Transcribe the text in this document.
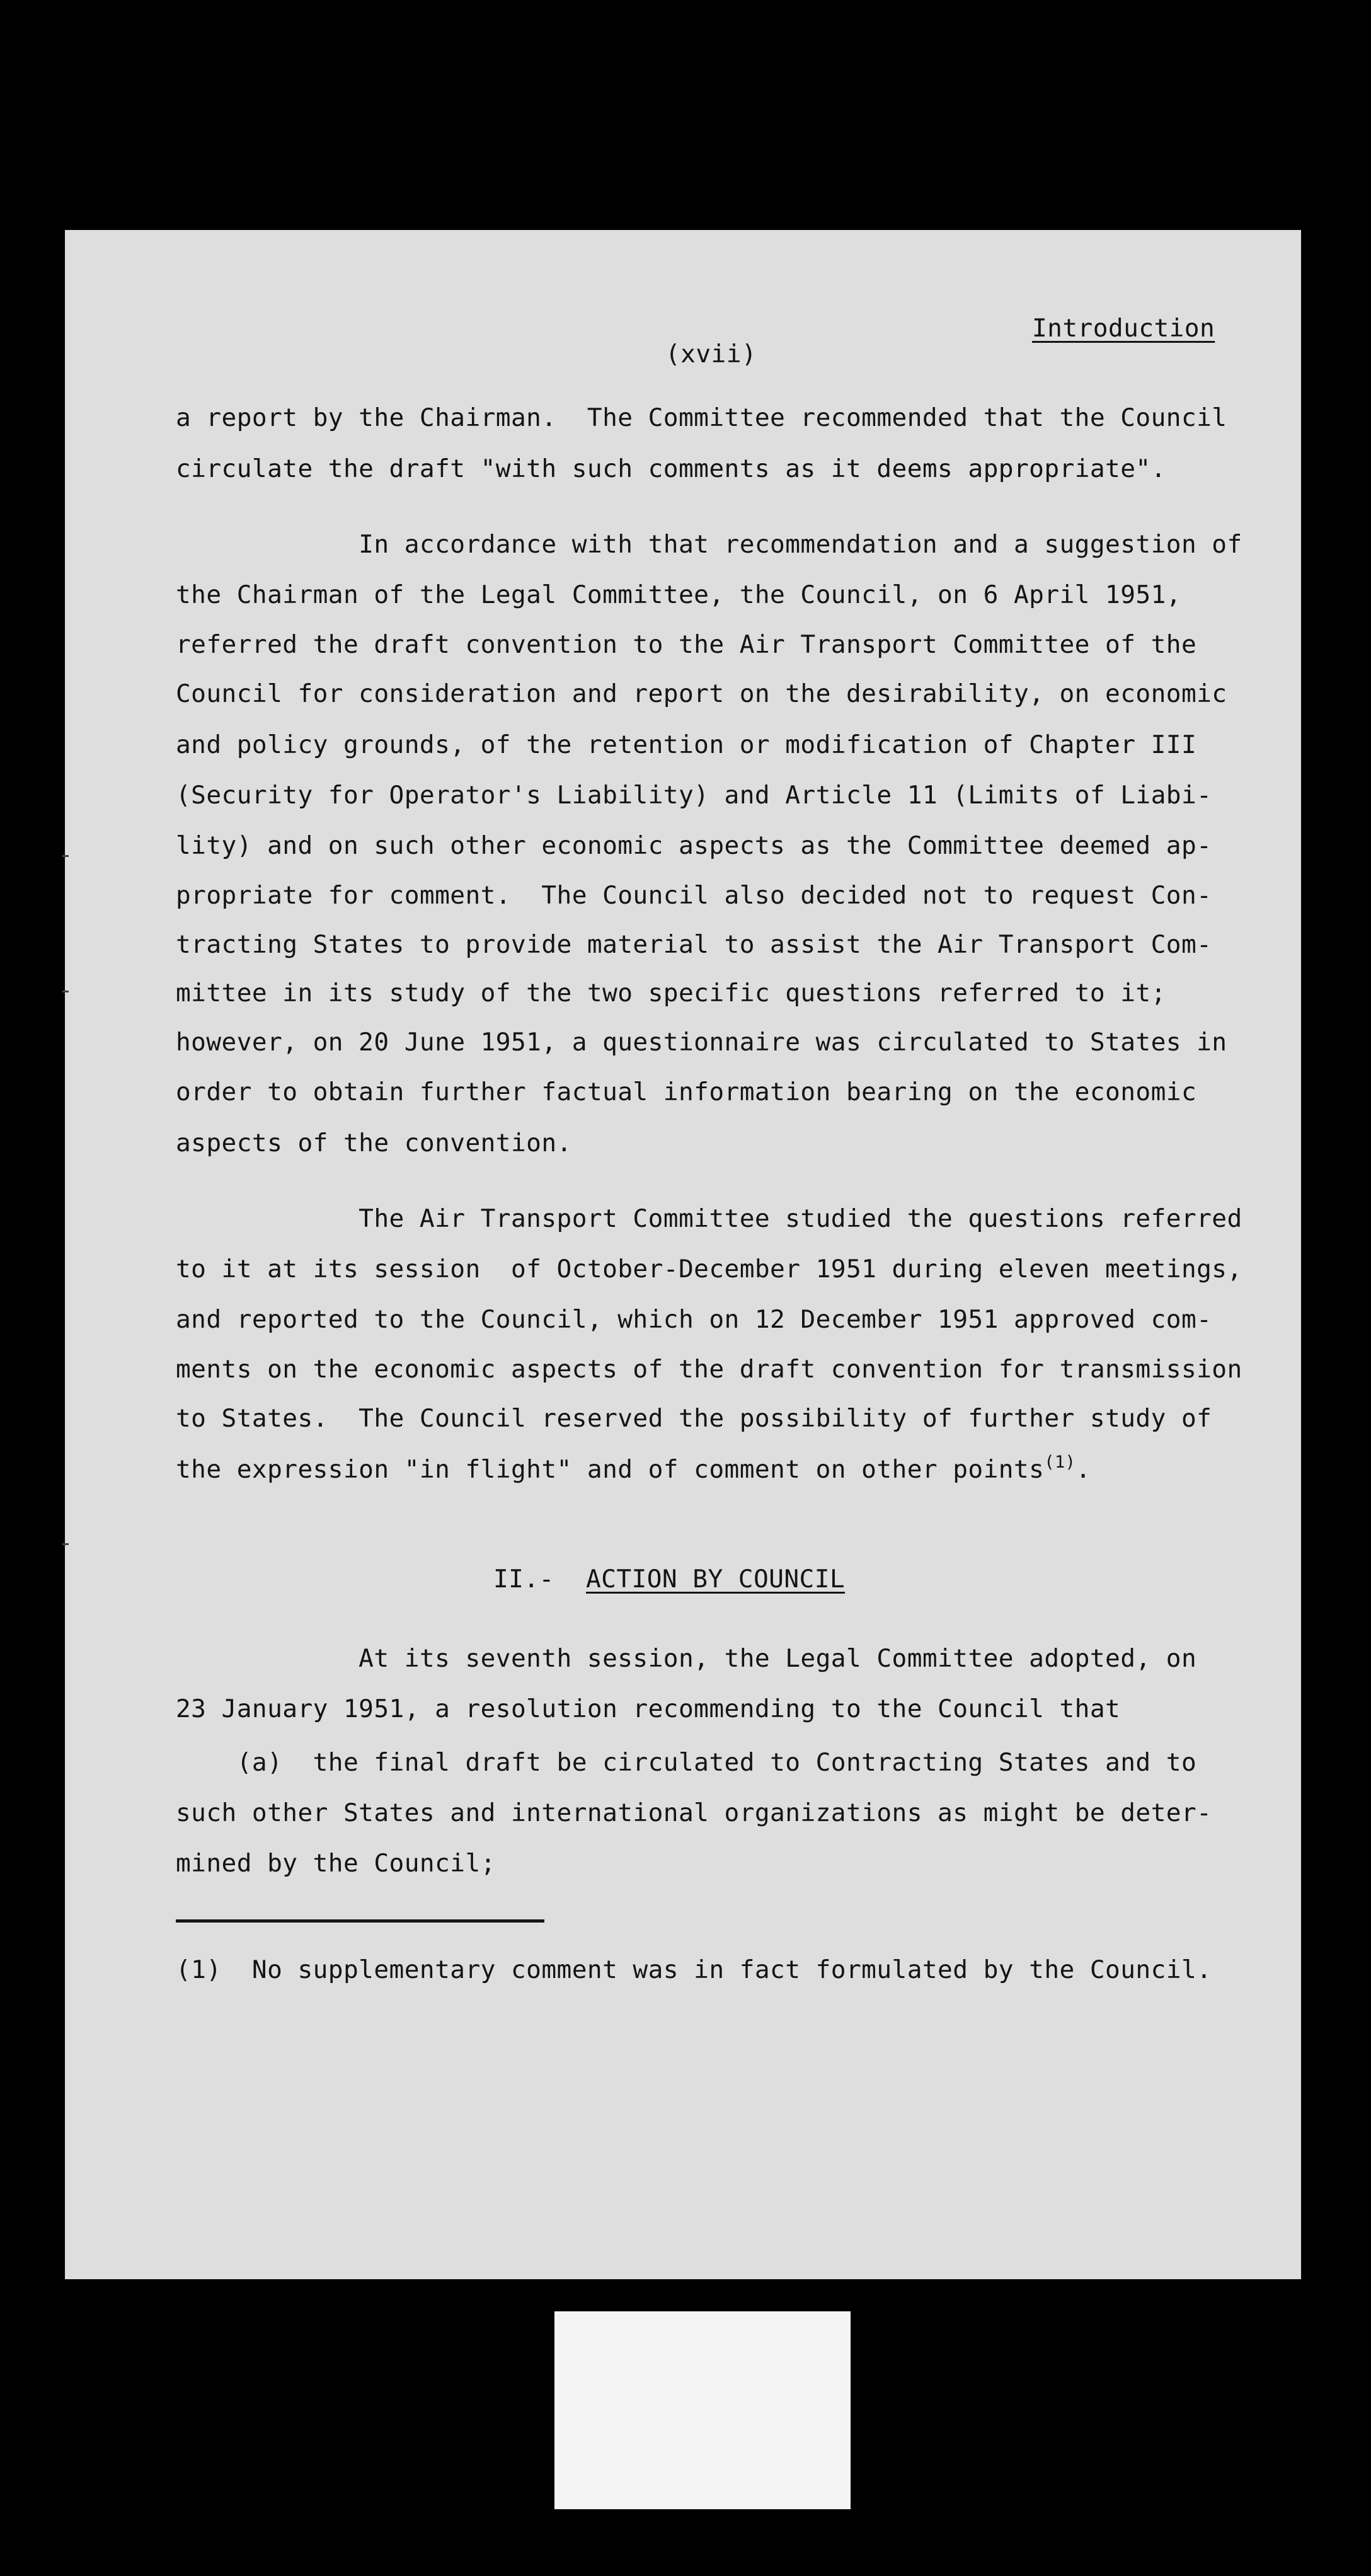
Introduction
(xvii)
a report by the Chairman.  The Committee recommended that the Council
circulate the draft "with such comments as it deems appropriate".
In accordance with that recommendation and a suggestion of
the Chairman of the Legal Committee, the Council, on 6 April 1951,
referred the draft convention to the Air Transport Committee of the
Council for consideration and report on the desirability, on economic
and policy grounds, of the retention or modification of Chapter III
(Security for Operator's Liability) and Article 11 (Limits of Liabi-
lity) and on such other economic aspects as the Committee deemed ap-
propriate for comment.  The Council also decided not to request Con-
tracting States to provide material to assist the Air Transport Com-
mittee in its study of the two specific questions referred to it;
however, on 20 June 1951, a questionnaire was circulated to States in
order to obtain further factual information bearing on the economic
aspects of the convention.
The Air Transport Committee studied the questions referred
to it at its session  of October-December 1951 during eleven meetings,
and reported to the Council, which on 12 December 1951 approved com-
ments on the economic aspects of the draft convention for transmission
to States.  The Council reserved the possibility of further study of
the expression "in flight" and of comment on other points$^{(1)}$.
II.- ACTION BY COUNCIL
At its seventh session, the Legal Committee adopted, on
23 January 1951, a resolution recommending to the Council that
(a)  the final draft be circulated to Contracting States and to
such other States and international organizations as might be deter-
mined by the Council;
(1)  No supplementary comment was in fact formulated by the Council.
